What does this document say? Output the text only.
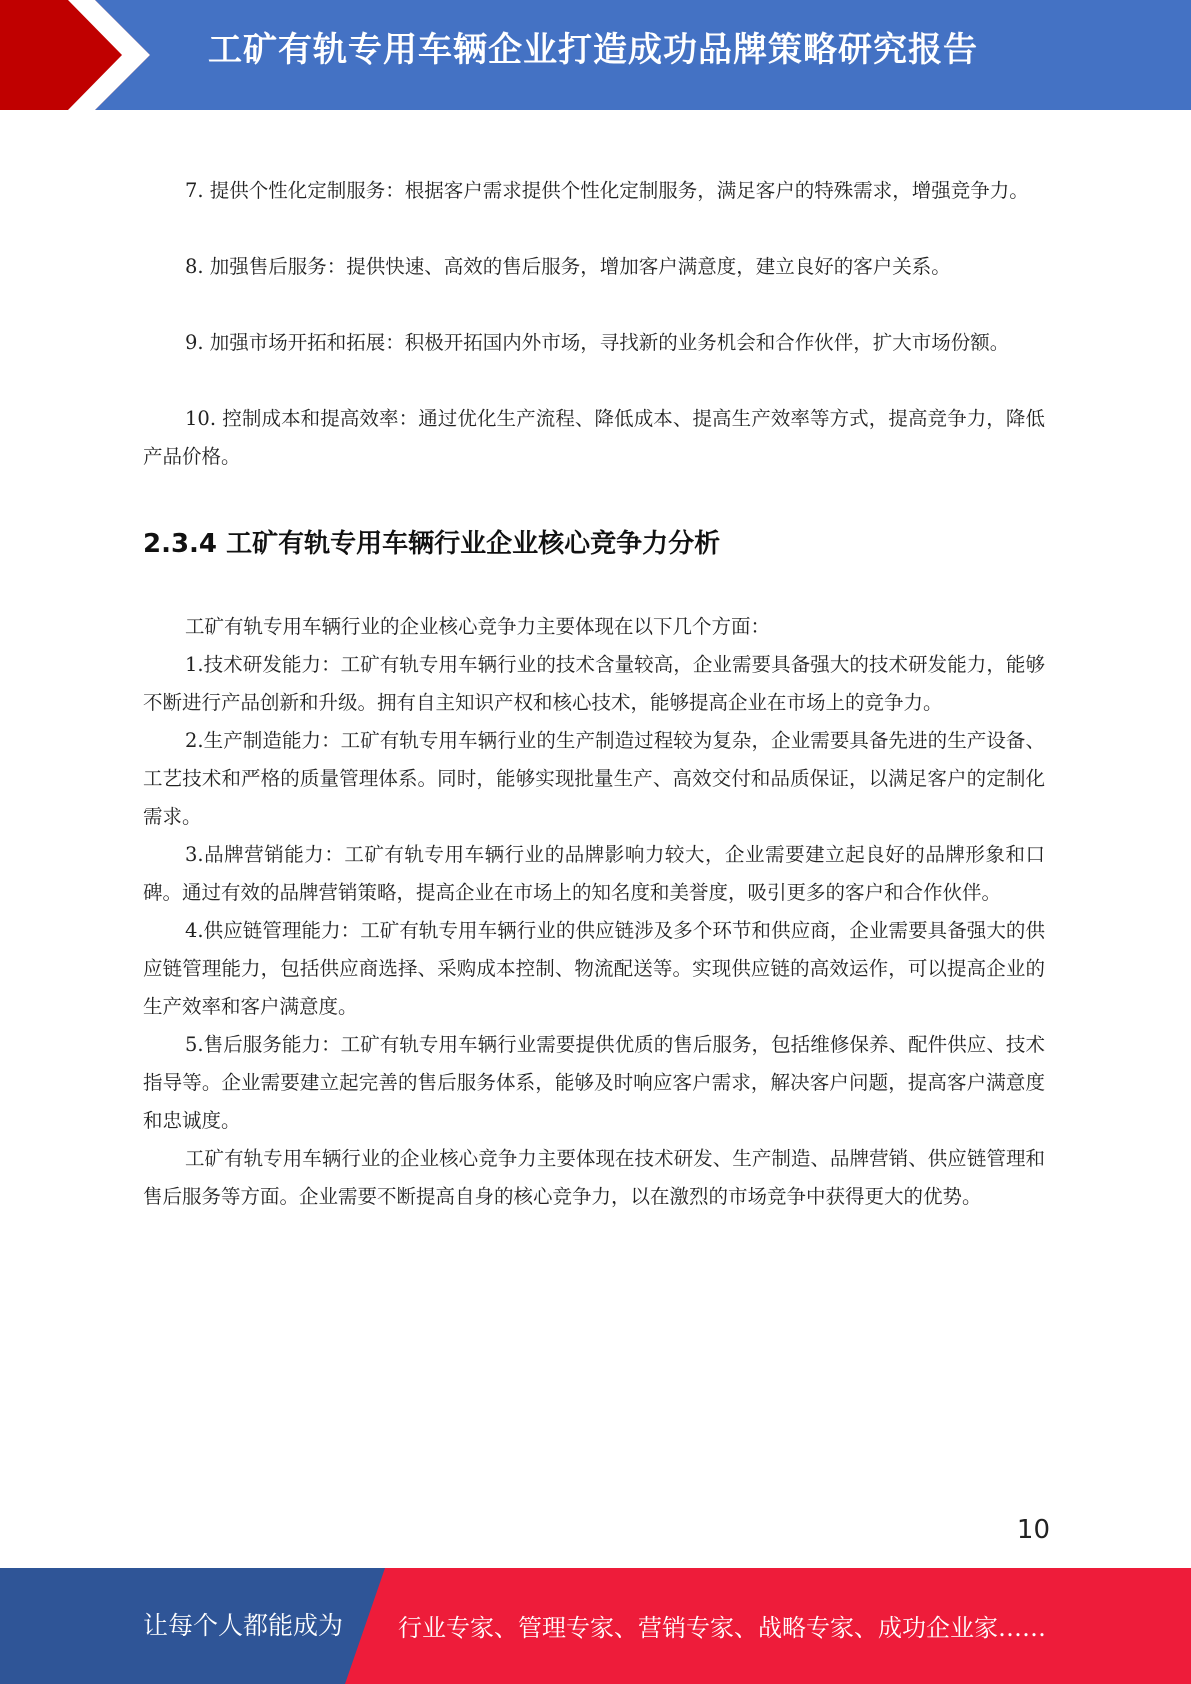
工矿有轨专用车辆企业打造成功品牌策略研究报告

7. 提供个性化定制服务：根据客户需求提供个性化定制服务，满足客户的特殊需求，增强竞争力。

8. 加强售后服务：提供快速、高效的售后服务，增加客户满意度，建立良好的客户关系。

9. 加强市场开拓和拓展：积极开拓国内外市场，寻找新的业务机会和合作伙伴，扩大市场份额。

10. 控制成本和提高效率：通过优化生产流程、降低成本、提高生产效率等方式，提高竞争力，降低产品价格。

2.3.4 工矿有轨专用车辆行业企业核心竞争力分析

工矿有轨专用车辆行业的企业核心竞争力主要体现在以下几个方面：

1.技术研发能力：工矿有轨专用车辆行业的技术含量较高，企业需要具备强大的技术研发能力，能够不断进行产品创新和升级。拥有自主知识产权和核心技术，能够提高企业在市场上的竞争力。

2.生产制造能力：工矿有轨专用车辆行业的生产制造过程较为复杂，企业需要具备先进的生产设备、工艺技术和严格的质量管理体系。同时，能够实现批量生产、高效交付和品质保证，以满足客户的定制化需求。

3.品牌营销能力：工矿有轨专用车辆行业的品牌影响力较大，企业需要建立起良好的品牌形象和口碑。通过有效的品牌营销策略，提高企业在市场上的知名度和美誉度，吸引更多的客户和合作伙伴。

4.供应链管理能力：工矿有轨专用车辆行业的供应链涉及多个环节和供应商，企业需要具备强大的供应链管理能力，包括供应商选择、采购成本控制、物流配送等。实现供应链的高效运作，可以提高企业的生产效率和客户满意度。

5.售后服务能力：工矿有轨专用车辆行业需要提供优质的售后服务，包括维修保养、配件供应、技术指导等。企业需要建立起完善的售后服务体系，能够及时响应客户需求，解决客户问题，提高客户满意度和忠诚度。

工矿有轨专用车辆行业的企业核心竞争力主要体现在技术研发、生产制造、品牌营销、供应链管理和售后服务等方面。企业需要不断提高自身的核心竞争力，以在激烈的市场竞争中获得更大的优势。

10
让每个人都能成为 行业专家、管理专家、营销专家、战略专家、成功企业家……
